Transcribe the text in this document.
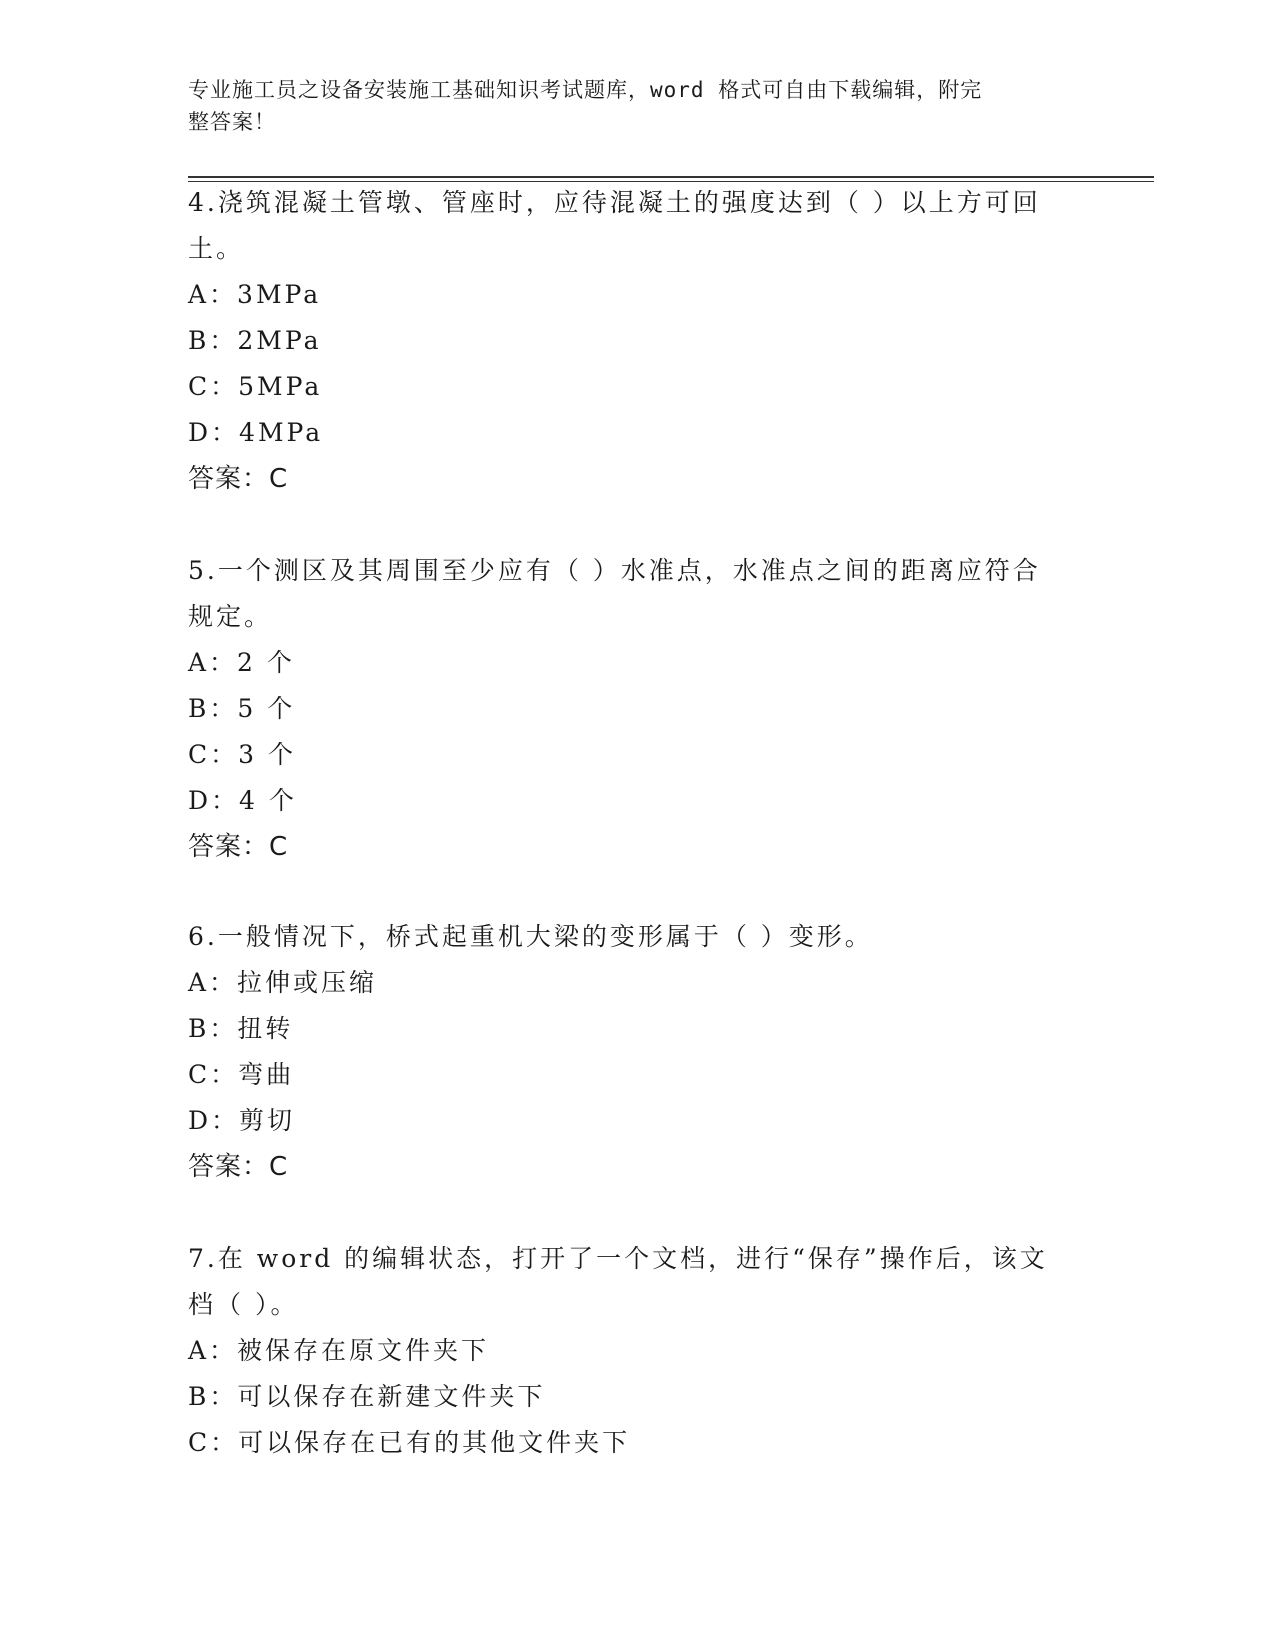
专业施工员之设备安装施工基础知识考试题库，word 格式可自由下载编辑，附完
整答案！
4.浇筑混凝土管墩、管座时，应待混凝土的强度达到（ ）以上方可回
土。
A：3MPa
B：2MPa
C：5MPa
D：4MPa
答案：C
5.一个测区及其周围至少应有（ ）水准点，水准点之间的距离应符合
规定。
A：2 个
B：5 个
C：3 个
D：4 个
答案：C
6.一般情况下，桥式起重机大梁的变形属于（ ）变形。
A：拉伸或压缩
B：扭转
C：弯曲
D：剪切
答案：C
7.在 word 的编辑状态，打开了一个文档，进行“保存”操作后，该文
档（ ）。
A：被保存在原文件夹下
B：可以保存在新建文件夹下
C：可以保存在已有的其他文件夹下
